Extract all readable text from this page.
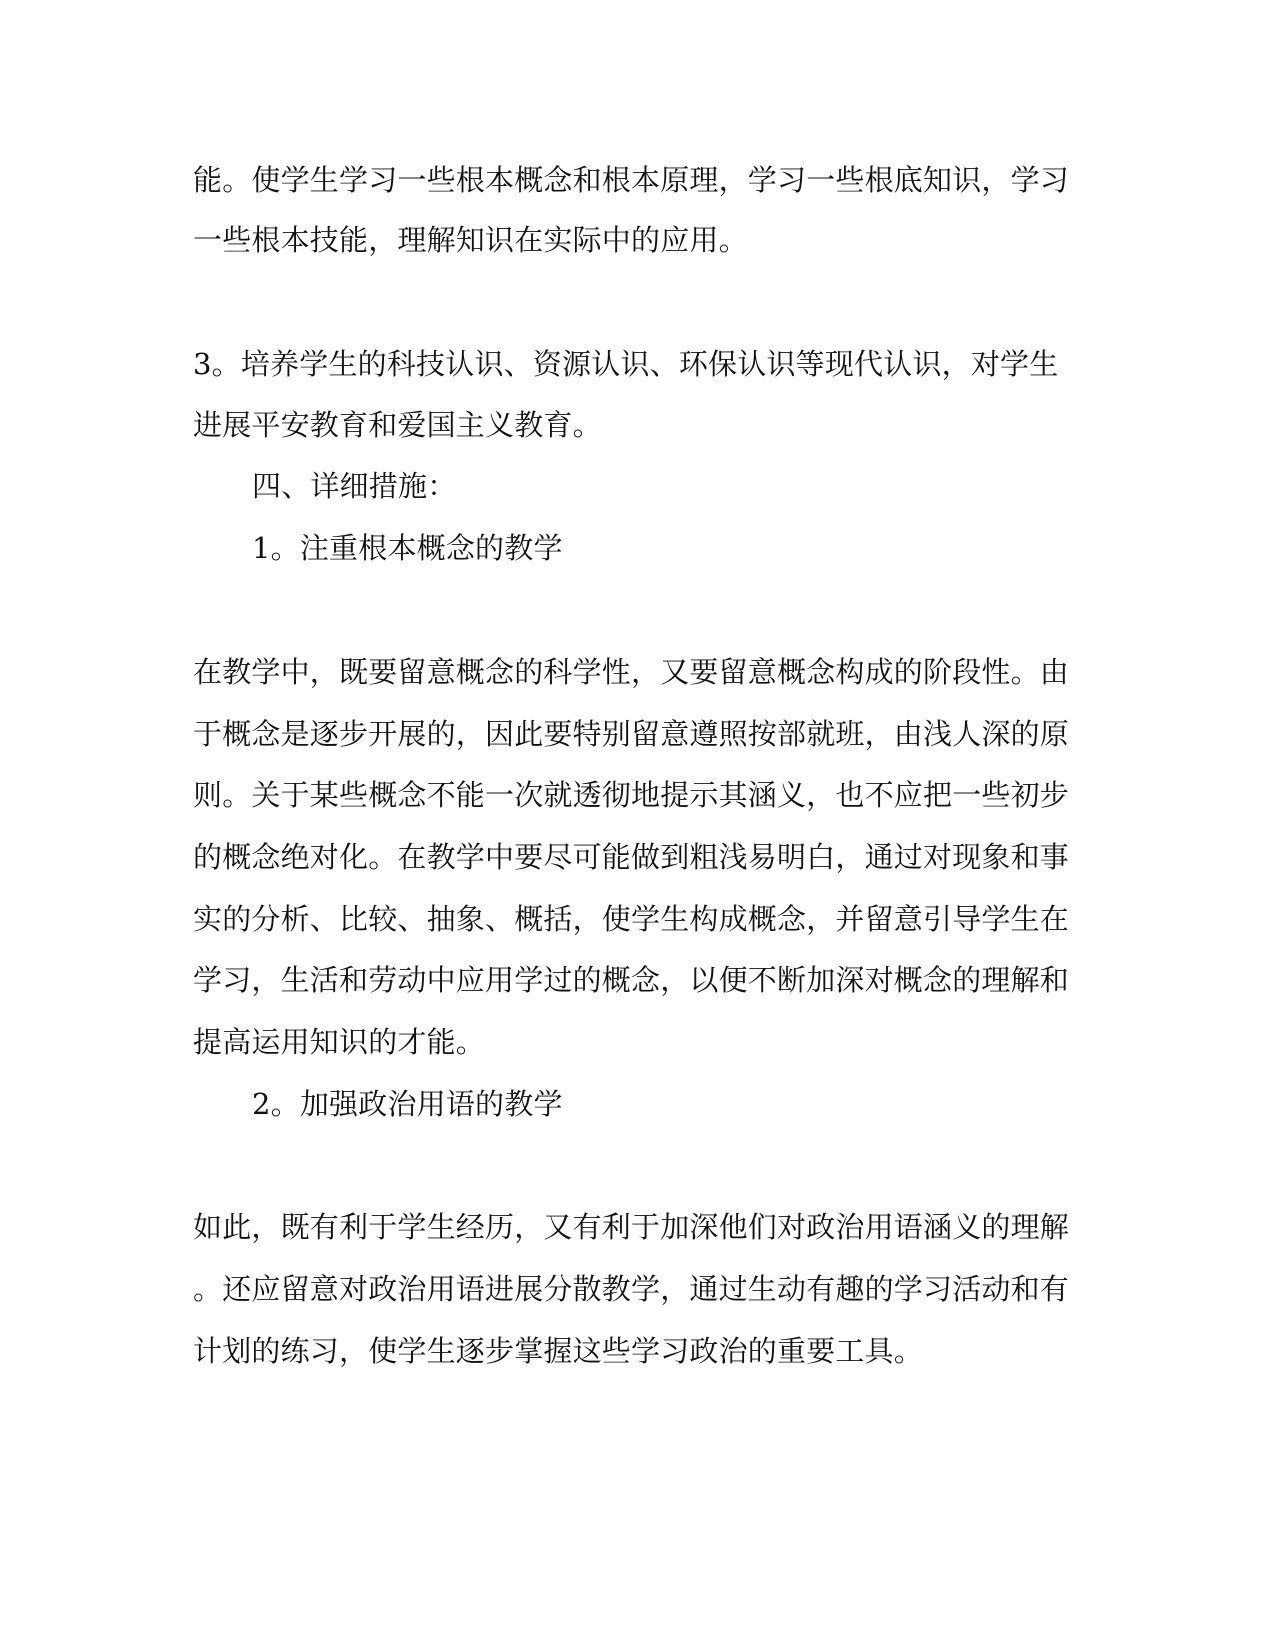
能。使学生学习一些根本概念和根本原理，学习一些根底知识，学习
一些根本技能，理解知识在实际中的应用。
3。培养学生的科技认识、资源认识、环保认识等现代认识，对学生
进展平安教育和爱国主义教育。
四、详细措施：
1。注重根本概念的教学
在教学中，既要留意概念的科学性，又要留意概念构成的阶段性。由
于概念是逐步开展的，因此要特别留意遵照按部就班，由浅人深的原
则。关于某些概念不能一次就透彻地提示其涵义，也不应把一些初步
的概念绝对化。在教学中要尽可能做到粗浅易明白，通过对现象和事
实的分析、比较、抽象、概括，使学生构成概念，并留意引导学生在
学习，生活和劳动中应用学过的概念，以便不断加深对概念的理解和
提高运用知识的才能。
2。加强政治用语的教学
如此，既有利于学生经历，又有利于加深他们对政治用语涵义的理解
。还应留意对政治用语进展分散教学，通过生动有趣的学习活动和有
计划的练习，使学生逐步掌握这些学习政治的重要工具。
